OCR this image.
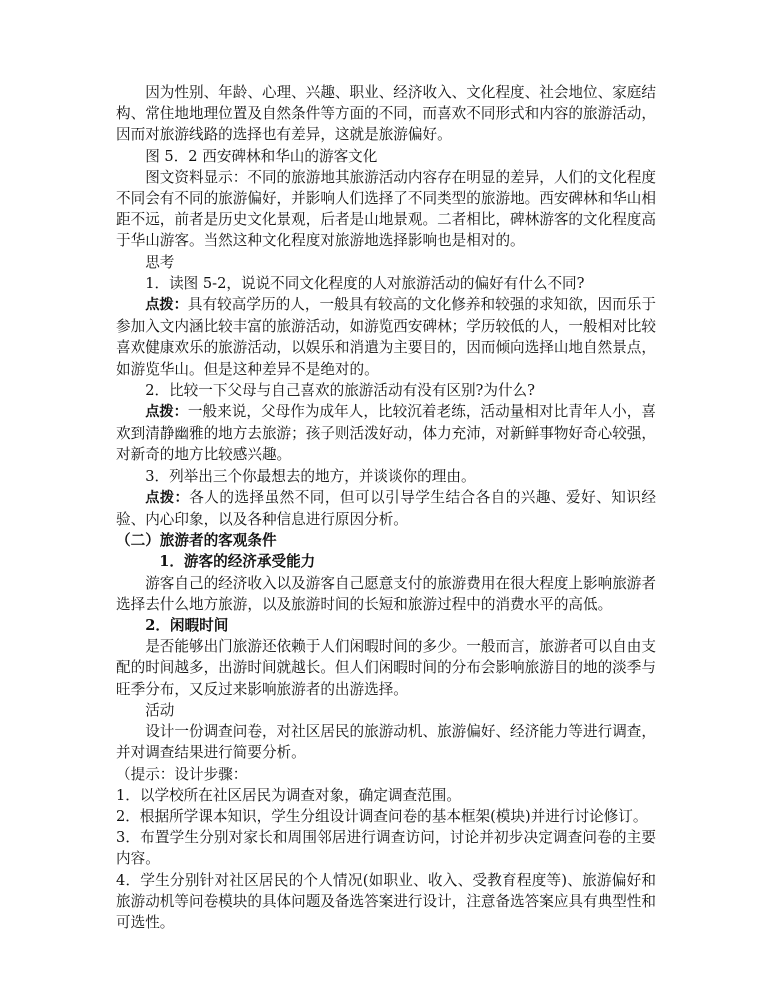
因为性别、年龄、心理、兴趣、职业、经济收入、文化程度、社会地位、家庭结构、常住地地理位置及自然条件等方面的不同，而喜欢不同形式和内容的旅游活动，因而对旅游线路的选择也有差异，这就是旅游偏好。

图 5．2 西安碑林和华山的游客文化

图文资料显示：不同的旅游地其旅游活动内容存在明显的差异，人们的文化程度不同会有不同的旅游偏好，并影响人们选择了不同类型的旅游地。西安碑林和华山相距不远，前者是历史文化景观，后者是山地景观。二者相比，碑林游客的文化程度高于华山游客。当然这种文化程度对旅游地选择影响也是相对的。

思考

1．读图 5-2，说说不同文化程度的人对旅游活动的偏好有什么不同?

点拨：具有较高学历的人，一般具有较高的文化修养和较强的求知欲，因而乐于参加入文内涵比较丰富的旅游活动，如游览西安碑林；学历较低的人，一般相对比较喜欢健康欢乐的旅游活动，以娱乐和消遣为主要目的，因而倾向选择山地自然景点，如游览华山。但是这种差异不是绝对的。

2．比较一下父母与自己喜欢的旅游活动有没有区别?为什么?

点拨：一般来说，父母作为成年人，比较沉着老练，活动量相对比青年人小，喜欢到清静幽雅的地方去旅游；孩子则活泼好动，体力充沛，对新鲜事物好奇心较强，对新奇的地方比较感兴趣。

3．列举出三个你最想去的地方，并谈谈你的理由。

点拨：各人的选择虽然不同，但可以引导学生结合各自的兴趣、爱好、知识经验、内心印象，以及各种信息进行原因分析。

（二）旅游者的客观条件

1．游客的经济承受能力

游客自己的经济收入以及游客自己愿意支付的旅游费用在很大程度上影响旅游者选择去什么地方旅游，以及旅游时间的长短和旅游过程中的消费水平的高低。

2．闲暇时间

是否能够出门旅游还依赖于人们闲暇时间的多少。一般而言，旅游者可以自由支配的时间越多，出游时间就越长。但人们闲暇时间的分布会影响旅游目的地的淡季与旺季分布，又反过来影响旅游者的出游选择。

活动

设计一份调查问卷，对社区居民的旅游动机、旅游偏好、经济能力等进行调查，并对调查结果进行简要分析。

（提示：设计步骤：

1．以学校所在社区居民为调查对象，确定调查范围。

2．根据所学课本知识，学生分组设计调查问卷的基本框架(模块)并进行讨论修订。

3．布置学生分别对家长和周围邻居进行调查访问，讨论并初步决定调查问卷的主要内容。

4．学生分别针对社区居民的个人情况(如职业、收入、受教育程度等)、旅游偏好和旅游动机等问卷模块的具体问题及备选答案进行设计，注意备选答案应具有典型性和可选性。
